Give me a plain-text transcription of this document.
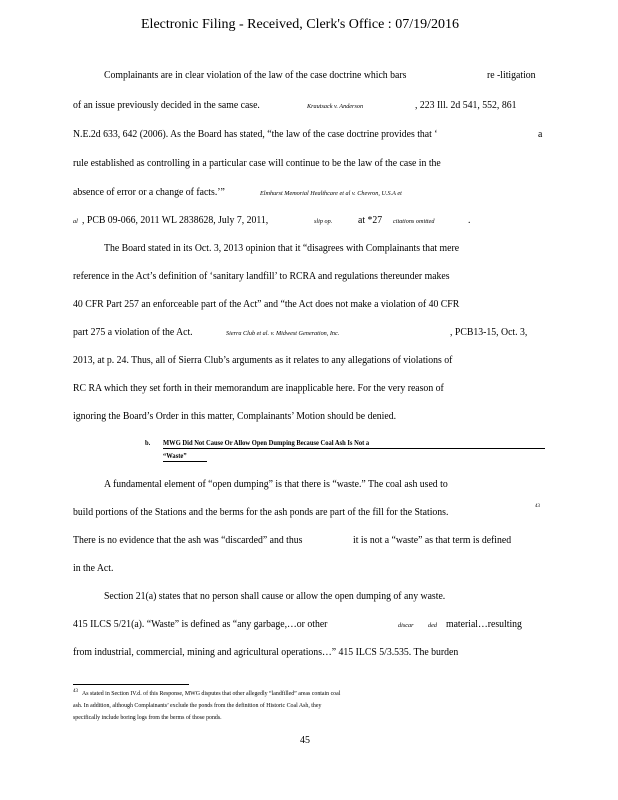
Electronic Filing - Received, Clerk's Office : 07/19/2016
Complainants are in clear violation of the law of the case doctrine which bars	re -litigation
of an issue previously decided in the same case.	Krautsack v. Anderson	, 223 Ill. 2d 541, 552, 861
N.E.2d 633, 642 (2006). As the Board has stated, “the law of the case doctrine provides that ‘	a
rule established as controlling in a particular case will continue to be the law of the case in the
absence of error or a change of facts.’”	Elmhurst Memorial Healthcare et al v. Chevron, U.S.A et
al , PCB 09-066, 2011 WL 2838628, July 7, 2011,	slip op. at *27 citations omitted	.
The Board stated in its Oct. 3, 2013 opinion that it “disagrees with Complainants that mere
reference in the Act’s definition of ‘sanitary landfill’ to RCRA and regulations thereunder makes
40 CFR Part 257 an enforceable part of the Act” and “the Act does not make a violation of 40 CFR
part 275 a violation of the Act.	Sierra Club et al. v. Midwest Generation, Inc.	, PCB13-15, Oct. 3,
2013, at p. 24. Thus, all of Sierra Club’s arguments as it relates to any allegations of violations of
RC RA which they set forth in their memorandum are inapplicable here. For the very reason of
ignoring the Board’s Order in this matter, Complainants’ Motion should be denied.
b. MWG Did Not Cause Or Allow Open Dumping Because Coal Ash Is Not a
“Waste”
A fundamental element of “open dumping” is that there is “waste.” The coal ash used to
build portions of the Stations and the berms for the ash ponds are part of the fill for the Stations.
43
There is no evidence that the ash was “discarded” and thus	it is not a “waste” as that term is defined
in the Act.
Section 21(a) states that no person shall cause or allow the open dumping of any waste.
415 ILCS 5/21(a). “Waste” is defined as “any garbage,…or other	discar ded material…resulting
from industrial, commercial, mining and agricultural operations…” 415 ILCS 5/3.535. The burden
43 As stated in Section IV.d. of this Response, MWG disputes that other allegedly “landfilled” areas contain coal
ash. In addition, although Complainants’ exclude the ponds from the definition of Historic Coal Ash, they
specifically include boring logs from the berms of those ponds.
45
